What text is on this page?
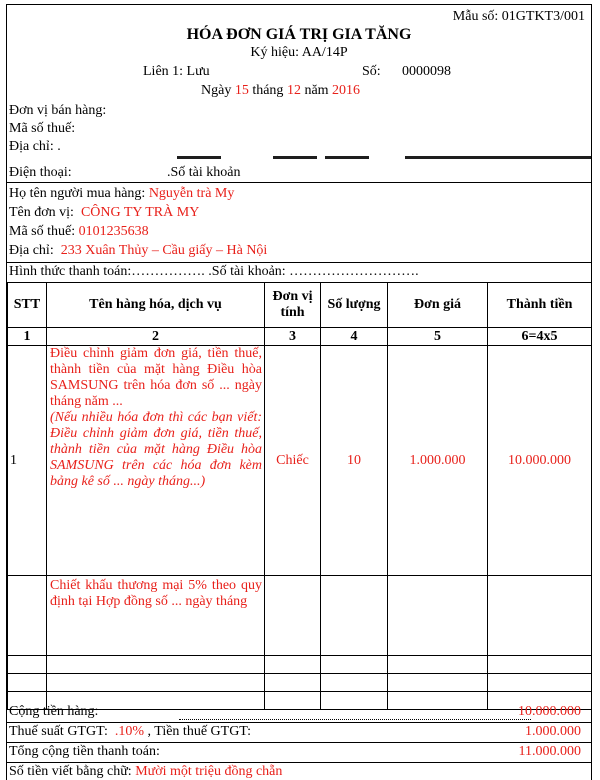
Mẫu số: 01GTKT3/001
HÓA ĐƠN GIÁ TRỊ GIA TĂNG
Ký hiệu: AA/14P
Liên 1: Lưu	Số: 0000098
Ngày 15 tháng 12 năm 2016
Đơn vị bán hàng:
Mã số thuế:
Địa chỉ: .
Điện thoại:	.Số tài khoản
Họ tên người mua hàng: Nguyễn trà My
Tên đơn vị: CÔNG TY TRÀ MY
Mã số thuế: 0101235638
Địa chỉ: 233 Xuân Thủy – Cầu giấy – Hà Nội
Hình thức thanh toán:……………. .Số tài khoản: ……………………….
STT	Tên hàng hóa, dịch vụ	Đơn vị tính	Số lượng	Đơn giá	Thành tiền
1	2	3	4	5	6=4x5
1	Điều chỉnh giảm đơn giá, tiền thuế, thành tiền của mặt hàng Điều hòa SAMSUNG trên hóa đơn số ... ngày tháng năm ...
(Nếu nhiều hóa đơn thì các bạn viết: Điều chỉnh giảm đơn giá, tiền thuế, thành tiền của mặt hàng Điều hòa SAMSUNG trên các hóa đơn kèm bảng kê số ... ngày tháng...)	Chiếc	10	1.000.000	10.000.000
	Chiết khấu thương mại 5% theo quy định tại Hợp đồng số ... ngày tháng				

Cộng tiền hàng:	10.000.000
Thuế suất GTGT: .10% , Tiền thuế GTGT:	1.000.000
Tổng cộng tiền thanh toán:	11.000.000
Số tiền viết bằng chữ: Mười một triệu đồng chẵn
